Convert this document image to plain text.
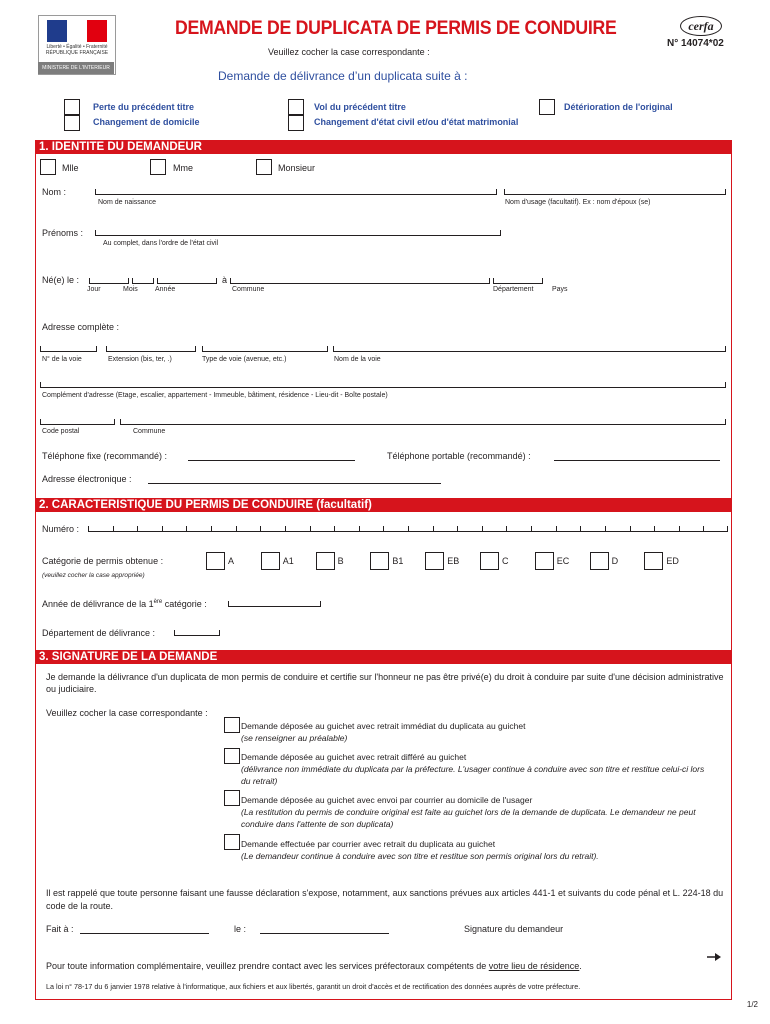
Liberté • Égalité • Fraternité
RÉPUBLIQUE FRANÇAISE
MINISTERE DE L'INTERIEUR
DEMANDE DE DUPLICATA DE PERMIS DE CONDUIRE
Veuillez cocher la case correspondante :
Demande de délivrance d’un duplicata suite à :
cerfa
N° 14074*02
Perte du précédent titre
Changement de domicile
Vol du précédent titre
Changement d'état civil et/ou d'état matrimonial
Détérioration de l'original
1. IDENTITE DU DEMANDEUR
Mlle	Mme	Monsieur
Nom :
Nom de naissance	Nom d'usage (facultatif). Ex : nom d'époux (se)
Prénoms :
Au complet, dans l'ordre de l'état civil
Né(e) le :	à
Jour	Mois Année	Commune	Département	Pays
Adresse complète :
N° de la voie	Extension (bis, ter, .)	Type de voie (avenue, etc.)	Nom de la voie
Complément d'adresse (Etage, escalier, appartement - Immeuble, bâtiment, résidence - Lieu-dit - Boîte postale)
Code postal	Commune
Téléphone fixe (recommandé) :	Téléphone portable (recommandé) :
Adresse électronique :
2. CARACTERISTIQUE DU PERMIS DE CONDUIRE (facultatif)
Numéro :
Catégorie de permis obtenue :
(veuillez cocher la case appropriée)
A	A1	B	B1	EB	C	EC	D	ED
Année de délivrance de la 1ère catégorie :
Département de délivrance :
3. SIGNATURE DE LA DEMANDE
Je demande la délivrance d'un duplicata de mon permis de conduire et certifie sur l'honneur ne pas être privé(e) du droit à conduire par suite d'une décision administrative ou judiciaire.
Veuillez cocher la case correspondante :
Demande déposée au guichet avec retrait immédiat du duplicata au guichet
(se renseigner au préalable)
Demande déposée au guichet avec retrait différé au guichet
(délivrance non immédiate du duplicata par la préfecture. L'usager continue à conduire avec son titre et restitue celui-ci lors du retrait)
Demande déposée au guichet avec envoi par courrier au domicile de l'usager
(La restitution du permis de conduire original est faite au guichet lors de la demande de duplicata. Le demandeur ne peut conduire dans l'attente de son duplicata)
Demande effectuée par courrier avec retrait du duplicata au guichet
(Le demandeur continue à conduire avec son titre et restitue son permis original lors du retrait).
Il est rappelé que toute personne faisant une fausse déclaration s'expose, notamment, aux sanctions prévues aux articles 441-1 et suivants du code pénal et L. 224-18 du code de la route.
Fait à :	le :	Signature du demandeur
Pour toute information complémentaire, veuillez prendre contact avec les services préfectoraux compétents de votre lieu de résidence.
La loi n° 78-17 du 6 janvier 1978 relative à l'informatique, aux fichiers et aux libertés, garantit un droit d'accès et de rectification des données auprès de votre préfecture.
1/2
